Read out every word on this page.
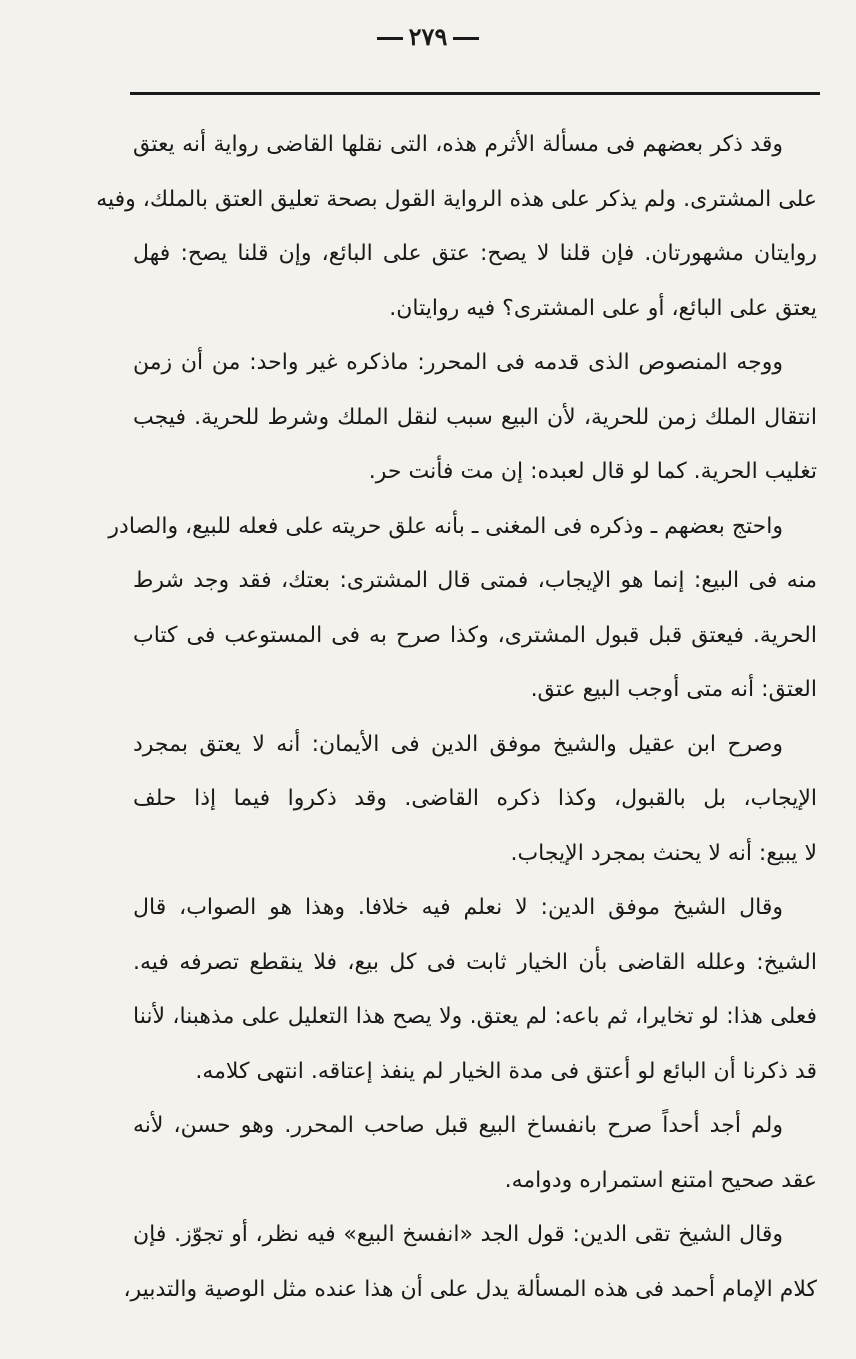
٢٧٩

وقد ذكر بعضهم فى مسألة الأثرم هذه، التى نقلها القاضى رواية أنه يعتق
على المشترى. ولم يذكر على هذه الرواية القول بصحة تعليق العتق بالملك، وفيه
روايتان مشهورتان. فإن قلنا لا يصح: عتق على البائع، وإن قلنا يصح: فهل
يعتق على البائع، أو على المشترى؟ فيه روايتان.

ووجه المنصوص الذى قدمه فى المحرر: ماذكره غير واحد: من أن زمن
انتقال الملك زمن للحرية، لأن البيع سبب لنقل الملك وشرط للحرية. فيجب
تغليب الحرية. كما لو قال لعبده: إن مت فأنت حر.

واحتج بعضهم ـ وذكره فى المغنى ـ بأنه علق حريته على فعله للبيع، والصادر
منه فى البيع: إنما هو الإيجاب، فمتى قال المشترى: بعتك، فقد وجد شرط
الحرية. فيعتق قبل قبول المشترى، وكذا صرح به فى المستوعب فى كتاب
العتق: أنه متى أوجب البيع عتق.

وصرح ابن عقيل والشيخ موفق الدين فى الأيمان: أنه لا يعتق بمجرد
الإيجاب، بل بالقبول، وكذا ذكره القاضى. وقد ذكروا فيما إذا حلف
لا يبيع: أنه لا يحنث بمجرد الإيجاب.

وقال الشيخ موفق الدين: لا نعلم فيه خلافا. وهذا هو الصواب، قال
الشيخ: وعلله القاضى بأن الخيار ثابت فى كل بيع، فلا ينقطع تصرفه فيه.
فعلى هذا: لو تخايرا، ثم باعه: لم يعتق. ولا يصح هذا التعليل على مذهبنا، لأننا
قد ذكرنا أن البائع لو أعتق فى مدة الخيار لم ينفذ إعتاقه. انتهى كلامه.

ولم أجد أحداً صرح بانفساخ البيع قبل صاحب المحرر. وهو حسن، لأنه
عقد صحيح امتنع استمراره ودوامه.

وقال الشيخ تقى الدين: قول الجد «انفسخ البيع» فيه نظر، أو تجوّز. فإن
كلام الإمام أحمد فى هذه المسألة يدل على أن هذا عنده مثل الوصية والتدبير،
